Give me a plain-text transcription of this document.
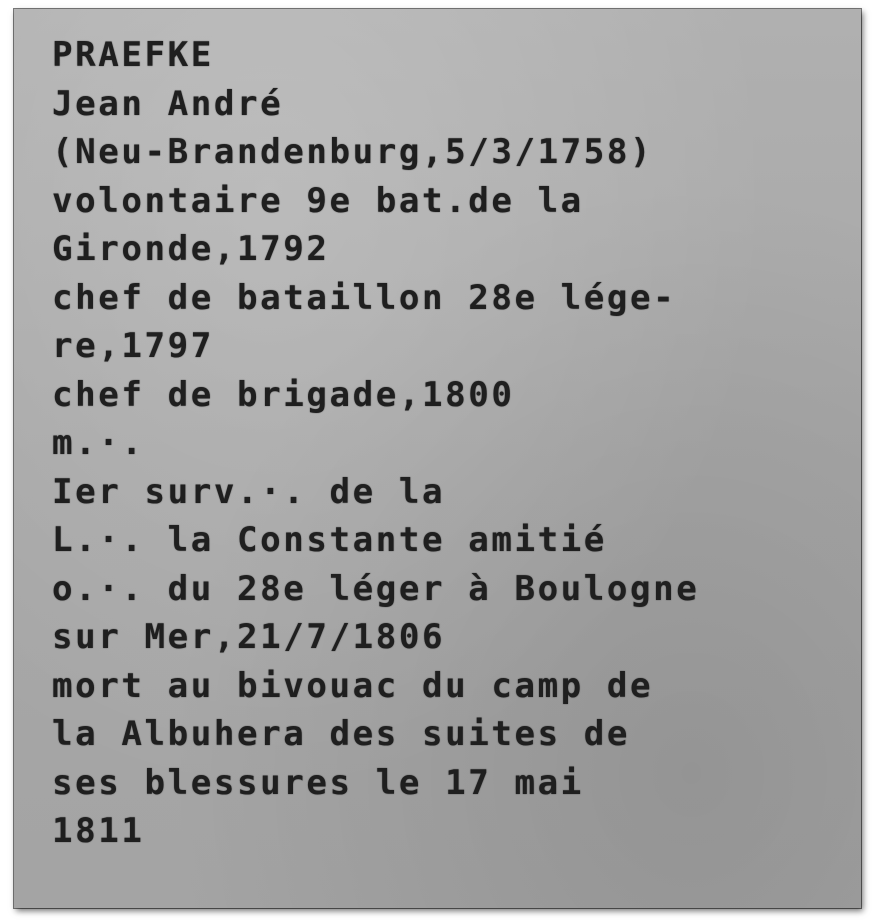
PRAEFKE
Jean André
(Neu-Brandenburg,5/3/1758)
volontaire 9e bat.de la
Gironde,1792
chef de bataillon 28e lége-
re,1797
chef de brigade,1800
m.·.
Ier surv.·. de la
L.·. la Constante amitié
o.·. du 28e léger à Boulogne
sur Mer,21/7/1806
mort au bivouac du camp de
la Albuhera des suites de
ses blessures le 17 mai
1811
